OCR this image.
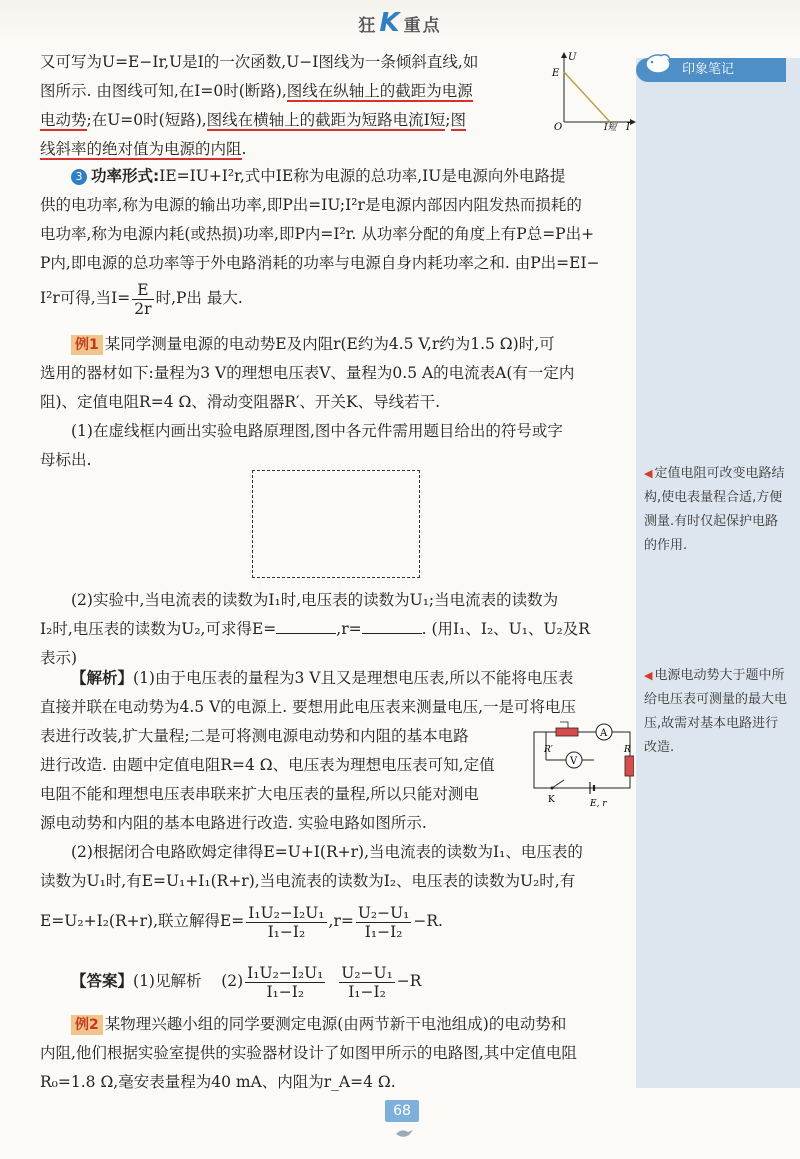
狂K 重点
印象笔记
◀ 定值电阻可改变电路结构,使电表量程合适,方便测量.有时仅起保护电路的作用.
◀ 电源电动势大于题中所给电压表可测量的最大电压,故需对基本电路进行改造.
U
E
O	I短 I

又可写为U=E−Ir,U是I的一次函数,U−I图线为一条倾斜直线,如

图所示. 由图线可知,在I=0时(断路),图线在纵轴上的截距为电源

电动势;在U=0时(短路),图线在横轴上的截距为短路电流I短;图

线斜率的绝对值为电源的内阻.

3 功率形式:IE=IU+I²r,式中IE称为电源的总功率,IU是电源向外电路提

供的电功率,称为电源的输出功率,即P出=IU;I²r是电源内部因内阻发热而损耗的

电功率,称为电源内耗(或热损)功率,即P内=I²r. 从功率分配的角度上有P总=P出+

P内,即电源的总功率等于外电路消耗的功率与电源自身内耗功率之和. 由P出=EI−

I²r可得,当$I= \frac{E}{2r}$ 时,P出 最大.

例1 某同学测量电源的电动势E及内阻r(E约为4.5 V,r约为1.5 Ω)时,可

选用的器材如下:量程为3 V的理想电压表V、量程为0.5 A的电流表A(有一定内

阻)、定值电阻R=4 Ω、滑动变阻器R′、开关K、导线若干.

(1)在虚线框内画出实验电路原理图,图中各元件需用题目给出的符号或字

母标出.

(2)实验中,当电流表的读数为I₁时,电压表的读数为U₁;当电流表的读数为

I₂时,电压表的读数为U₂,可求得E=	,r=	. (用I₁、I₂、U₁、U₂及R

表示)

【解析】(1)由于电压表的量程为3 V且又是理想电压表,所以不能将电压表

直接并联在电动势为4.5 V的电源上. 要想用此电压表来测量电压,一是可将电压

表进行改装,扩大量程;二是可将测电源电动势和内阻的基本电路

进行改造. 由题中定值电阻R=4 Ω、电压表为理想电压表可知,定值

电阻不能和理想电压表串联来扩大电压表的量程,所以只能对测电

源电动势和内阻的基本电路进行改造. 实验电路如图所示.

A
V
R
R′
K	E, r

(2)根据闭合电路欧姆定律得E=U+I(R+r),当电流表的读数为I₁、电压表的

读数为U₁时,有E=U₁+I₁(R+r),当电流表的读数为I₂、电压表的读数为U₂时,有

E=U₂+I₂(R+r),联立解得$E= \frac{\text{I₁U₂−I₂U₁}}{\text{I₁−I₂}} ,r= \frac{\text{U₂−U₁}}{\text{I₁−I₂}} -R$.

【答案】(1)见解析 $(2) \frac{\text{I₁U₂−I₂U₁}}{\text{I₁−I₂}}$
$\frac{\text{U₂−U₁}}{\text{I₁−I₂}} -R$

例2 某物理兴趣小组的同学要测定电源(由两节新干电池组成)的电动势和

内阻,他们根据实验室提供的实验器材设计了如图甲所示的电路图,其中定值电阻

R₀=1.8 Ω,毫安表量程为40 mA、内阻为r_A=4 Ω.

68
